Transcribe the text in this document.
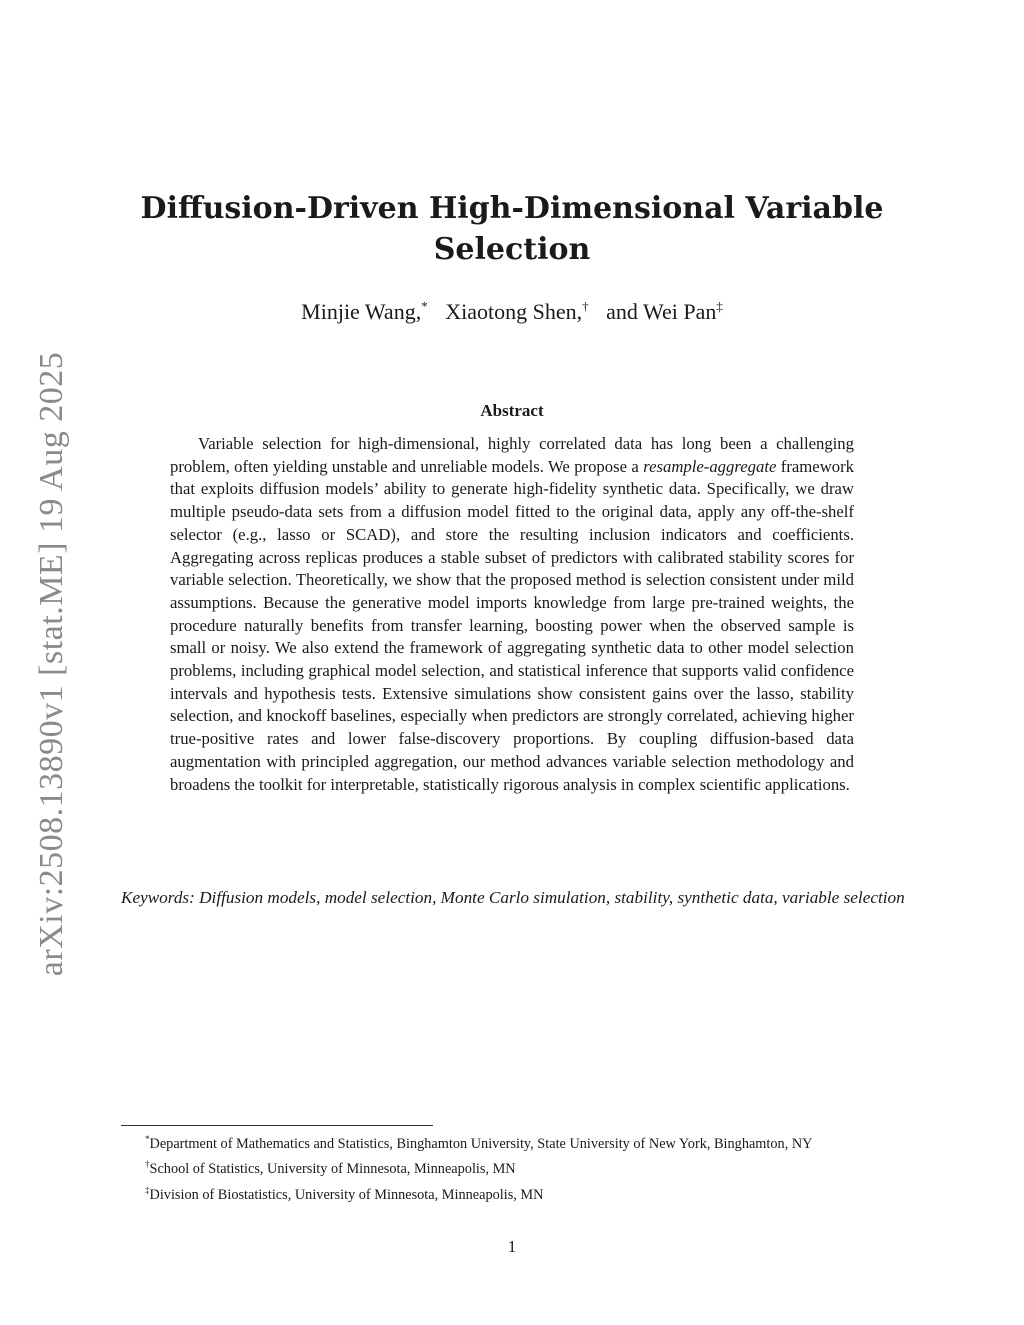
arXiv:2508.13890v1 [stat.ME] 19 Aug 2025
Diffusion-Driven High-Dimensional Variable
Selection
Minjie Wang,* Xiaotong Shen,† and Wei Pan‡
Abstract

Variable selection for high-dimensional, highly correlated data has long been a challenging problem, often yielding unstable and unreliable models. We propose a resample-aggregate framework that exploits diffusion models’ ability to generate high-fidelity synthetic data. Specifically, we draw multiple pseudo-data sets from a diffusion model fitted to the original data, apply any off-the-shelf selector (e.g., lasso or SCAD), and store the resulting inclusion indicators and coefficients. Aggregating across replicas produces a stable subset of predictors with calibrated stability scores for variable selection. Theoretically, we show that the proposed method is selection consistent under mild assumptions. Because the generative model imports knowledge from large pre-trained weights, the procedure naturally benefits from transfer learning, boosting power when the observed sample is small or noisy. We also extend the framework of aggregating synthetic data to other model selection problems, including graphical model selection, and statistical inference that supports valid confidence intervals and hypothesis tests. Extensive simulations show consistent gains over the lasso, stability selection, and knockoff baselines, especially when predictors are strongly correlated, achieving higher true-positive rates and lower false-discovery proportions. By coupling diffusion-based data augmentation with principled aggregation, our method advances variable selection methodology and broadens the toolkit for interpretable, statistically rigorous analysis in complex scientific applications.

Keywords: Diffusion models, model selection, Monte Carlo simulation, stability, synthetic data, variable selection

*Department of Mathematics and Statistics, Binghamton University, State University of New York, Binghamton, NY

†School of Statistics, University of Minnesota, Minneapolis, MN

‡Division of Biostatistics, University of Minnesota, Minneapolis, MN

1
